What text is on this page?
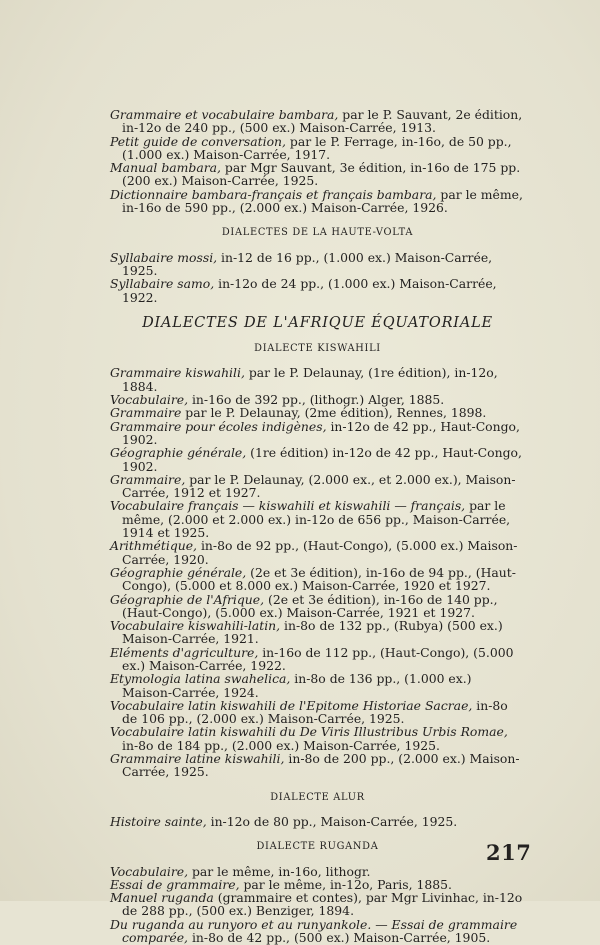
Grammaire et vocabulaire bambara, par le P. Sauvant, 2e édition, in-12o de 240 pp., (500 ex.) Maison-Carrée, 1913.

Petit guide de conversation, par le P. Ferrage, in-16o, de 50 pp., (1.000 ex.) Maison-Carrée, 1917.

Manual bambara, par Mgr Sauvant, 3e édition, in-16o de 175 pp. (200 ex.) Maison-Carrée, 1925.

Dictionnaire bambara-français et français bambara, par le même, in-16o de 590 pp., (2.000 ex.) Maison-Carrée, 1926.

DIALECTES DE LA HAUTE-VOLTA

Syllabaire mossi, in-12 de 16 pp., (1.000 ex.) Maison-Carrée, 1925.

Syllabaire samo, in-12o de 24 pp., (1.000 ex.) Maison-Carrée, 1922.

DIALECTES DE L'AFRIQUE ÉQUATORIALE
DIALECTE KISWAHILI

Grammaire kiswahili, par le P. Delaunay, (1re édition), in-12o, 1884.

Vocabulaire, in-16o de 392 pp., (lithogr.) Alger, 1885.

Grammaire par le P. Delaunay, (2me édition), Rennes, 1898.

Grammaire pour écoles indigènes, in-12o de 42 pp., Haut-Congo, 1902.

Géographie générale, (1re édition) in-12o de 42 pp., Haut-Congo, 1902.

Grammaire, par le P. Delaunay, (2.000 ex., et 2.000 ex.), Maison-Carrée, 1912 et 1927.

Vocabulaire français — kiswahili et kiswahili — français, par le même, (2.000 et 2.000 ex.) in-12o de 656 pp., Maison-Carrée, 1914 et 1925.

Arithmétique, in-8o de 92 pp., (Haut-Congo), (5.000 ex.) Maison-Carrée, 1920.

Géographie générale, (2e et 3e édition), in-16o de 94 pp., (Haut-Congo), (5.000 et 8.000 ex.) Maison-Carrée, 1920 et 1927.

Géographie de l'Afrique, (2e et 3e édition), in-16o de 140 pp., (Haut-Congo), (5.000 ex.) Maison-Carrée, 1921 et 1927.

Vocabulaire kiswahili-latin, in-8o de 132 pp., (Rubya) (500 ex.) Maison-Carrée, 1921.

Eléments d'agriculture, in-16o de 112 pp., (Haut-Congo), (5.000 ex.) Maison-Carrée, 1922.

Etymologia latina swahelica, in-8o de 136 pp., (1.000 ex.) Maison-Carrée, 1924.

Vocabulaire latin kiswahili de l'Epitome Historiae Sacrae, in-8o de 106 pp., (2.000 ex.) Maison-Carrée, 1925.

Vocabulaire latin kiswahili du De Viris Illustribus Urbis Romae, in-8o de 184 pp., (2.000 ex.) Maison-Carrée, 1925.

Grammaire latine kiswahili, in-8o de 200 pp., (2.000 ex.) Maison-Carrée, 1925.

DIALECTE ALUR

Histoire sainte, in-12o de 80 pp., Maison-Carrée, 1925.

DIALECTE RUGANDA

Vocabulaire, par le même, in-16o, lithogr.

Essai de grammaire, par le même, in-12o, Paris, 1885.

Manuel ruganda (grammaire et contes), par Mgr Livinhac, in-12o de 288 pp., (500 ex.) Benziger, 1894.

Du ruganda au runyoro et au runyankole. — Essai de grammaire comparée, in-8o de 42 pp., (500 ex.) Maison-Carrée, 1905.

217
